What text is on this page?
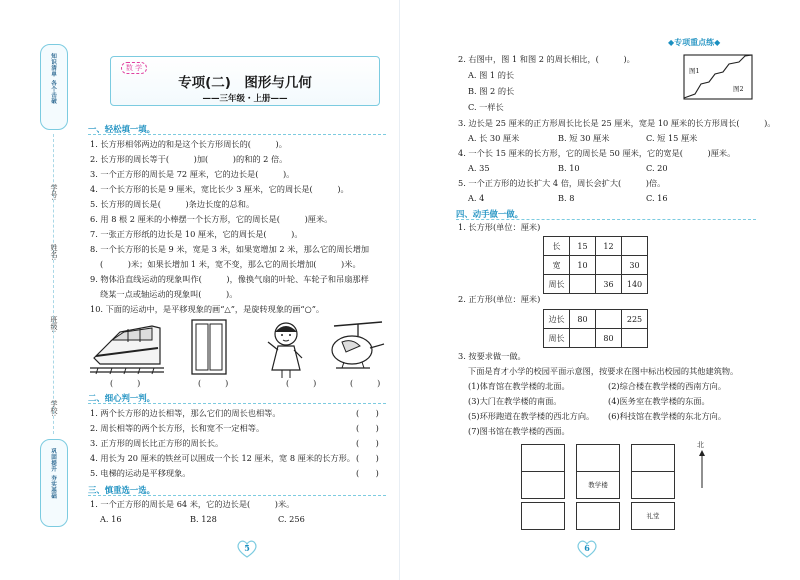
知识清单 各个击破
学号:
姓名:
班级:
学校:
巩固提升 夯实基础
数 学
专项(二)　图形与几何
——三年级・上册——
一、轻松填一填。
1. 长方形相邻两边的和是这个长方形周长的(　　　)。
2. 长方形的周长等于(　　　)加(　　　)的和的 2 倍。
3. 一个正方形的周长是 72 厘米，它的边长是(　　　)。
4. 一个长方形的长是 9 厘米，宽比长少 3 厘米，它的周长是(　　　)。
5. 长方形的周长是(　　　)条边长度的总和。
6. 用 8 根 2 厘米的小棒摆一个长方形，它的周长是(　　　)厘米。
7. 一张正方形纸的边长是 10 厘米，它的周长是(　　　)。
8. 一个长方形的长是 9 米，宽是 3 米，如果宽增加 2 米，那么它的周长增加
(　　　)米；如果长增加 1 米，宽不变，那么它的周长增加(　　　)米。
9. 物体沿直线运动的现象叫作(　　　)，像换气扇的叶轮、车轮子和吊扇那样
绕某一点或轴运动的现象叫(　　　)。
10. 下面的运动中，是平移现象的画“△”，是旋转现象的画“○”。
(　　　)	(　　　)	(　　　)	(　　　)
二、细心判一判。
1. 两个长方形的边长相等，那么它们的周长也相等。	(　　)
2. 周长相等的两个长方形，长和宽不一定相等。	(　　)
3. 正方形的周长比正方形的周长长。	(　　)
4. 用长为 20 厘米的铁丝可以围成一个长 12 厘米，宽 8 厘米的长方形。 (　　)
5. 电梯的运动是平移现象。	(　　)
三、慎重选一选。
1. 一个正方形的周长是 64 米，它的边长是(　　　)米。
A. 16	B. 128	C. 256
5
◆专项重点练◆
2. 右图中，图 1 和图 2 的周长相比，(　　　)。
A. 图 1 的长
B. 图 2 的长
C. 一样长
图1
图2
3. 边长是 25 厘米的正方形周长比长是 25 厘米，宽是 10 厘米的长方形周长(　　　)。
A. 长 30 厘米	B. 短 30 厘米	C. 短 15 厘米
4. 一个长 15 厘米的长方形，它的周长是 50 厘米，它的宽是(　　　)厘米。
A. 35	B. 10	C. 20
5. 一个正方形的边长扩大 4 倍，周长会扩大(　　　)倍。
A. 4	B. 8	C. 16
四、动手做一做。
1. 长方形(单位：厘米)
长	15	12	
宽	10		30
周长		36	140
2. 正方形(单位：厘米)
边长	80		225
周长		80	
3. 按要求做一做。
下面是育才小学的校园平面示意图，按要求在图中标出校园的其他建筑物。
(1)体育馆在教学楼的北面。	(2)综合楼在教学楼的西南方向。
(3)大门在教学楼的南面。	(4)医务室在教学楼的东面。
(5)环形跑道在教学楼的西北方向。 (6)科技馆在教学楼的东北方向。
(7)图书馆在教学楼的西面。
教学楼
礼堂
北
6
